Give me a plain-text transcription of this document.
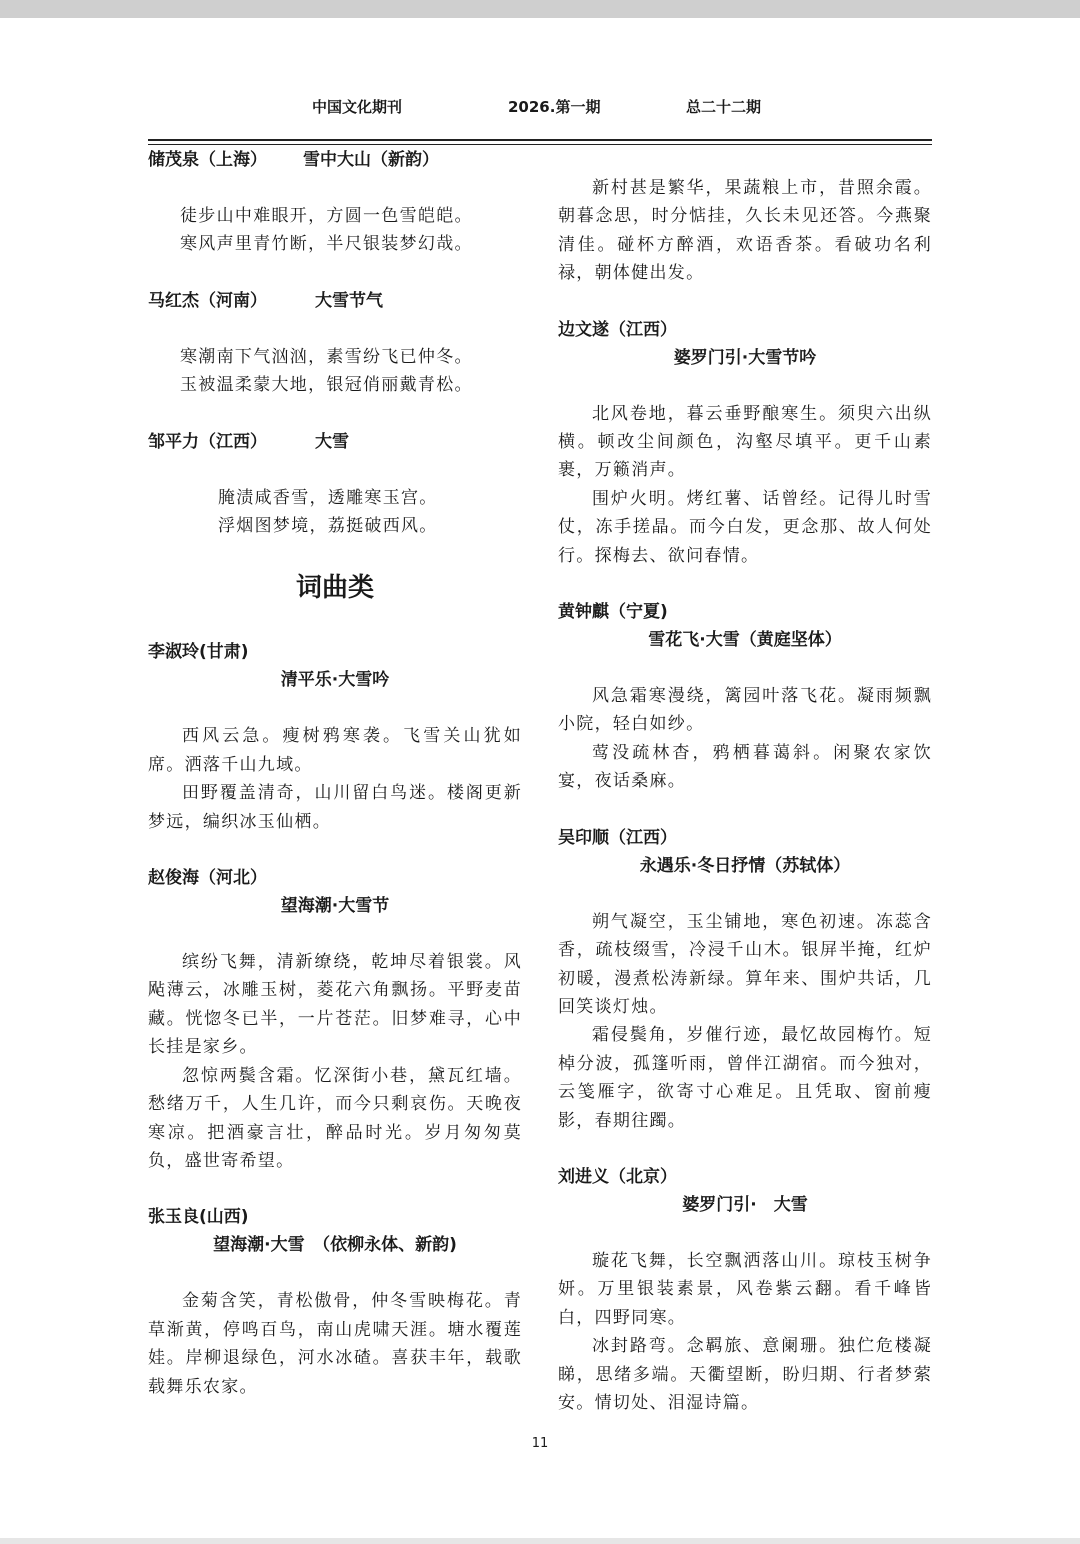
中国文化期刊	2026.第一期	总二十二期
储茂泉（上海） 雪中大山（新韵）

徒步山中难眼开，方圆一色雪皑皑。

寒风声里青竹断，半尺银装梦幻哉。

马红杰（河南）	大雪节气

寒潮南下气汹汹，素雪纷飞已仲冬。

玉被温柔蒙大地，银冠俏丽戴青松。

邹平力（江西）	大雪

腌渍咸香雪，透雕寒玉宫。

浮烟图梦境，荔挺破西风。

词曲类
李淑玲(甘肃)
清平乐·大雪吟

西风云急。瘦树鸦寒袭。飞雪关山犹如席。洒落千山九域。

田野覆盖清奇，山川留白鸟迷。楼阁更新梦远，编织冰玉仙栖。

赵俊海（河北）
望海潮·大雪节

缤纷飞舞，清新缭绕，乾坤尽着银裳。风飐薄云，冰雕玉树，菱花六角飘扬。平野麦苗藏。恍惚冬已半，一片苍茫。旧梦难寻，心中长挂是家乡。

忽惊两鬓含霜。忆深街小巷，黛瓦红墙。愁绪万千，人生几许，而今只剩哀伤。天晚夜寒凉。把酒豪言壮，醉品时光。岁月匆匆莫负，盛世寄希望。

张玉良(山西)
望海潮·大雪　（依柳永体、新韵)

金菊含笑，青松傲骨，仲冬雪映梅花。青草渐黄，停鸣百鸟，南山虎啸天涯。塘水覆莲娃。岸柳退绿色，河水冰碴。喜获丰年，载歌载舞乐农家。

新村甚是繁华，果蔬粮上市，昔照余霞。朝暮念思，时分惦挂，久长未见还答。今燕聚清佳。碰杯方醉酒，欢语香茶。看破功名利禄，朝体健出发。

边文遂（江西）
婆罗门引·大雪节吟

北风卷地，暮云垂野酿寒生。须臾六出纵横。顿改尘间颜色，沟壑尽填平。更千山素裹，万籁消声。

围炉火明。烤红薯、话曾经。记得儿时雪仗，冻手搓晶。而今白发，更念那、故人何处行。探梅去、欲问春情。

黄钟麒（宁夏)
雪花飞·大雪（黄庭坚体）

风急霜寒漫绕，篱园叶落飞花。凝雨频飘小院，轻白如纱。

莺没疏林杳，鸦栖暮蔼斜。闲聚农家饮宴，夜话桑麻。

吴印顺（江西）
永遇乐·冬日抒情（苏轼体）

朔气凝空，玉尘铺地，寒色初速。冻蕊含香，疏枝缀雪，冷浸千山木。银屏半掩，红炉初暖，漫煮松涛新绿。算年来、围炉共话，几回笑谈灯烛。

霜侵鬓角，岁催行迹，最忆故园梅竹。短棹分波，孤篷听雨，曾伴江湖宿。而今独对，云笺雁字，欲寄寸心难足。且凭取、窗前瘦影，春期往躅。

刘进义（北京）
婆罗门引·　大雪

璇花飞舞，长空飘洒落山川。琼枝玉树争妍。万里银装素景，风卷紫云翻。看千峰皆白，四野同寒。

冰封路弯。念羁旅、意阑珊。独伫危楼凝睇，思绪多端。天衢望断，盼归期、行者梦萦安。情切处、泪湿诗篇。

11
